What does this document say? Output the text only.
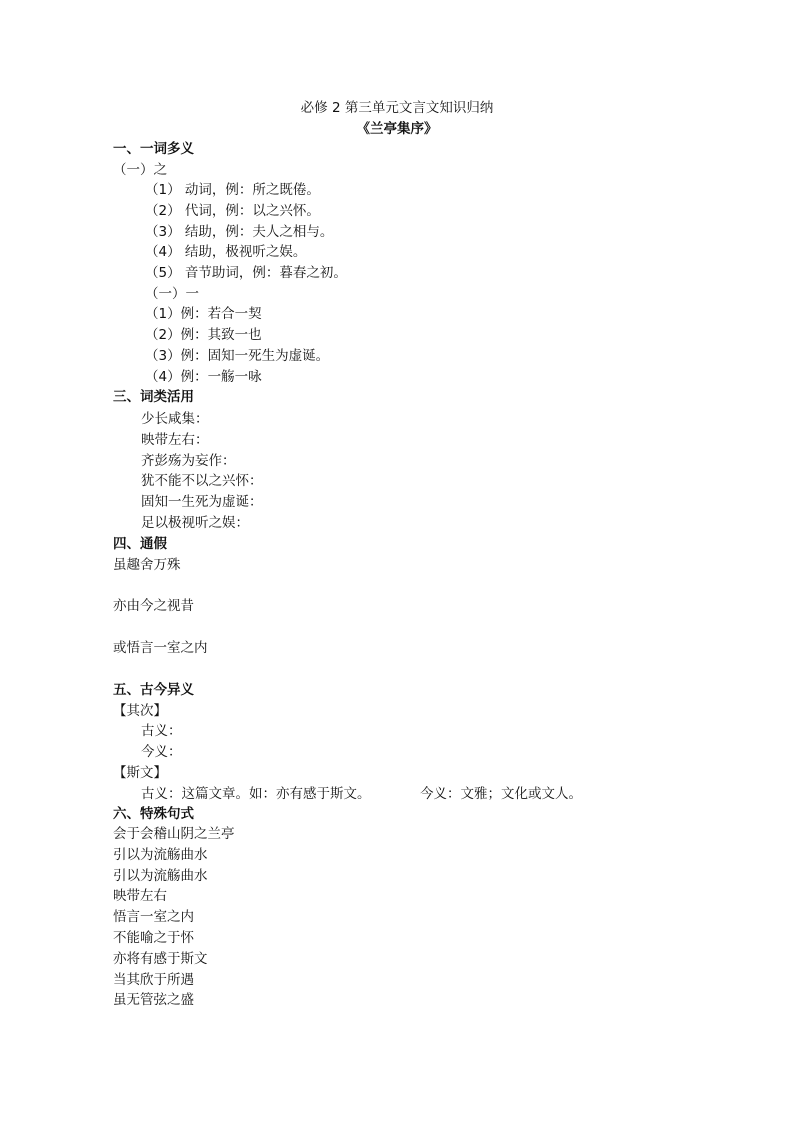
必修 2 第三单元文言文知识归纳
《兰亭集序》
一、一词多义
（一）之
（1） 动词，例：所之既倦。
（2） 代词，例：以之兴怀。
（3） 结助，例：夫人之相与。
（4） 结助，极视听之娱。
（5） 音节助词，例：暮春之初。
（一）一
（1）例：若合一契
（2）例：其致一也
（3）例：固知一死生为虚诞。
（4）例：一觞一咏
三、词类活用
少长咸集：
映带左右：
齐彭殇为妄作：
犹不能不以之兴怀：
固知一生死为虚诞：
足以极视听之娱：
四、通假
虽趣舍万殊
亦由今之视昔
或悟言一室之内
五、古今异义
【其次】
古义：
今义：
【斯文】
古义：这篇文章。如：亦有感于斯文。	今义：文雅；文化或文人。
六、特殊句式
会于会稽山阴之兰亭
引以为流觞曲水
引以为流觞曲水
映带左右
悟言一室之内
不能喻之于怀
亦将有感于斯文
当其欣于所遇
虽无管弦之盛
